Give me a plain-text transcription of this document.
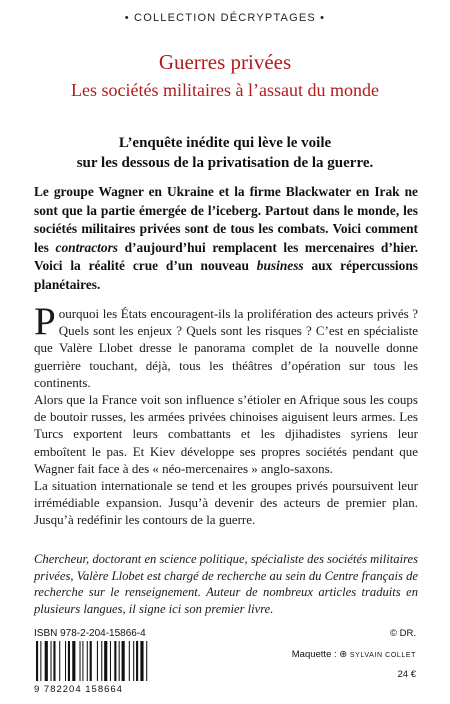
• COLLECTION DÉCRYPTAGES •
Guerres privées
Les sociétés militaires à l’assaut du monde
L’enquête inédite qui lève le voile
sur les dessous de la privatisation de la guerre.
Le groupe Wagner en Ukraine et la firme Blackwater en Irak ne sont que la partie émergée de l’iceberg. Partout dans le monde, les sociétés militaires privées sont de tous les combats. Voici comment les contractors d’aujourd’hui remplacent les mercenaires d’hier. Voici la réalité crue d’un nouveau business aux répercussions planétaires.

Pourquoi les États encouragent-ils la prolifération des acteurs privés ? Quels sont les enjeux ? Quels sont les risques ? C’est en spécialiste que Valère Llobet dresse le panorama complet de la nouvelle donne guerrière touchant, déjà, tous les théâtres d’opération sur tous les continents.

Alors que la France voit son influence s’étioler en Afrique sous les coups de boutoir russes, les armées privées chinoises aiguisent leurs armes. Les Turcs exportent leurs combattants et les djihadistes syriens leur emboîtent le pas. Et Kiev développe ses propres sociétés pendant que Wagner fait face à des « néo-mercenaires » anglo-saxons.

La situation internationale se tend et les groupes privés poursuivent leur irrémédiable expansion. Jusqu’à devenir des acteurs de premier plan. Jusqu’à redéfinir les contours de la guerre.

Chercheur, doctorant en science politique, spécialiste des sociétés militaires privées, Valère Llobet est chargé de recherche au sein du Centre français de recherche sur le renseignement. Auteur de nombreux articles traduits en plusieurs langues, il signe ici son premier livre.
ISBN 978-2-204-15866-4	© DR.
Maquette : ⊛ SYLVAIN COLLET
24 €
9 782204 158664
